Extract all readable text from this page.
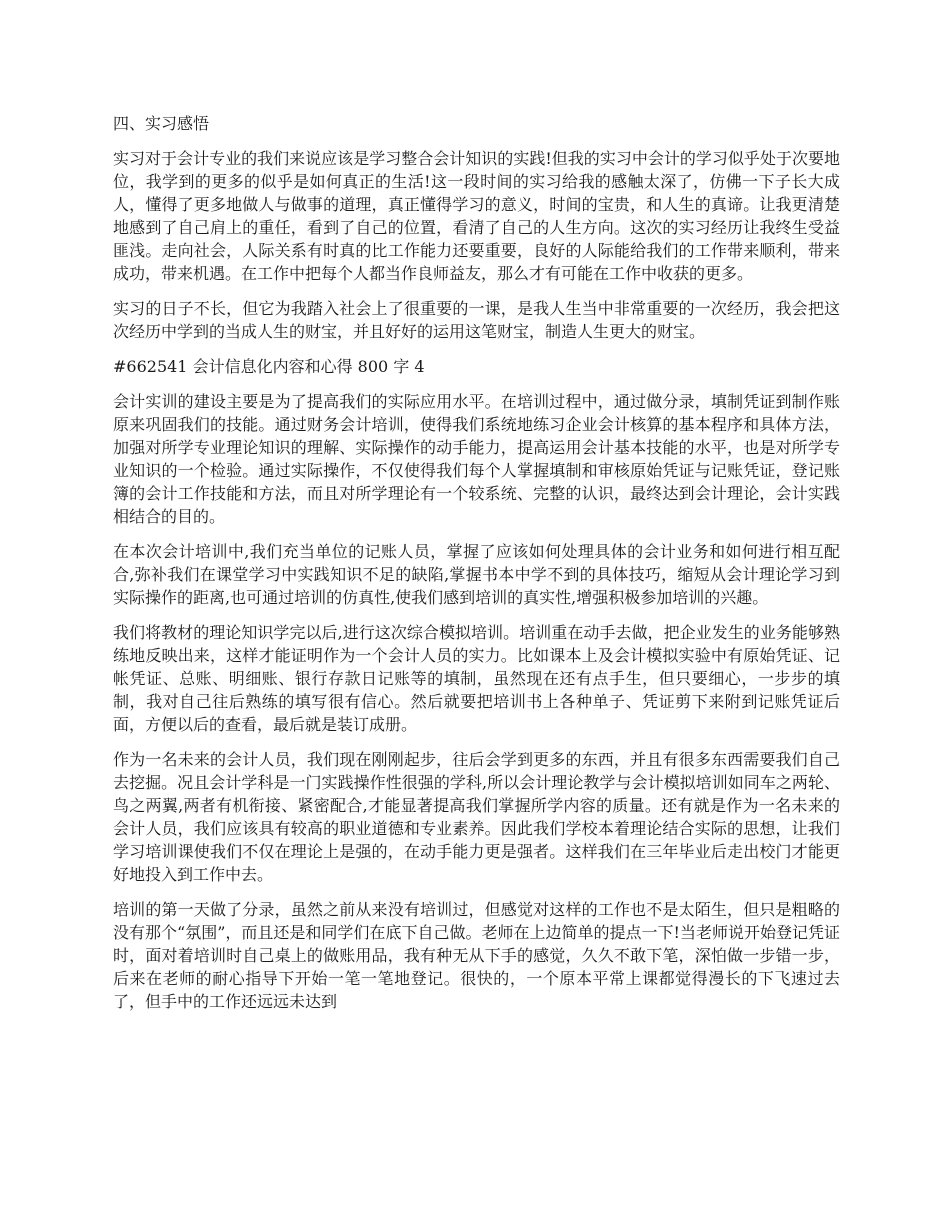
四、实习感悟

实习对于会计专业的我们来说应该是学习整合会计知识的实践!但我的实习中会计的学习似乎处于次要地位，我学到的更多的似乎是如何真正的生活!这一段时间的实习给我的感触太深了，仿佛一下子长大成人，懂得了更多地做人与做事的道理，真正懂得学习的意义，时间的宝贵，和人生的真谛。让我更清楚地感到了自己肩上的重任，看到了自己的位置，看清了自己的人生方向。这次的实习经历让我终生受益匪浅。走向社会，人际关系有时真的比工作能力还要重要，良好的人际能给我们的工作带来顺利，带来成功，带来机遇。在工作中把每个人都当作良师益友，那么才有可能在工作中收获的更多。

实习的日子不长，但它为我踏入社会上了很重要的一课，是我人生当中非常重要的一次经历，我会把这次经历中学到的当成人生的财宝，并且好好的运用这笔财宝，制造人生更大的财宝。

#662541 会计信息化内容和心得 800 字 4

会计实训的建设主要是为了提高我们的实际应用水平。在培训过程中，通过做分录，填制凭证到制作账原来巩固我们的技能。通过财务会计培训，使得我们系统地练习企业会计核算的基本程序和具体方法，加强对所学专业理论知识的理解、实际操作的动手能力，提高运用会计基本技能的水平，也是对所学专业知识的一个检验。通过实际操作，不仅使得我们每个人掌握填制和审核原始凭证与记账凭证，登记账簿的会计工作技能和方法，而且对所学理论有一个较系统、完整的认识，最终达到会计理论，会计实践相结合的目的。

在本次会计培训中,我们充当单位的记账人员，掌握了应该如何处理具体的会计业务和如何进行相互配合,弥补我们在课堂学习中实践知识不足的缺陷,掌握书本中学不到的具体技巧，缩短从会计理论学习到实际操作的距离,也可通过培训的仿真性,使我们感到培训的真实性,增强积极参加培训的兴趣。

我们将教材的理论知识学完以后,进行这次综合模拟培训。培训重在动手去做，把企业发生的业务能够熟练地反映出来，这样才能证明作为一个会计人员的实力。比如课本上及会计模拟实验中有原始凭证、记帐凭证、总账、明细账、银行存款日记账等的填制，虽然现在还有点手生，但只要细心，一步步的填制，我对自己往后熟练的填写很有信心。然后就要把培训书上各种单子、凭证剪下来附到记账凭证后面，方便以后的查看，最后就是装订成册。

作为一名未来的会计人员，我们现在刚刚起步，往后会学到更多的东西，并且有很多东西需要我们自己去挖掘。况且会计学科是一门实践操作性很强的学科,所以会计理论教学与会计模拟培训如同车之两轮、鸟之两翼,两者有机衔接、紧密配合,才能显著提高我们掌握所学内容的质量。还有就是作为一名未来的会计人员，我们应该具有较高的职业道德和专业素养。因此我们学校本着理论结合实际的思想，让我们学习培训课使我们不仅在理论上是强的，在动手能力更是强者。这样我们在三年毕业后走出校门才能更好地投入到工作中去。

培训的第一天做了分录，虽然之前从来没有培训过，但感觉对这样的工作也不是太陌生，但只是粗略的没有那个“氛围”，而且还是和同学们在底下自己做。老师在上边简单的提点一下!当老师说开始登记凭证时，面对着培训时自己桌上的做账用品，我有种无从下手的感觉，久久不敢下笔，深怕做一步错一步，后来在老师的耐心指导下开始一笔一笔地登记。很快的，一个原本平常上课都觉得漫长的下飞速过去了，但手中的工作还远远未达到
